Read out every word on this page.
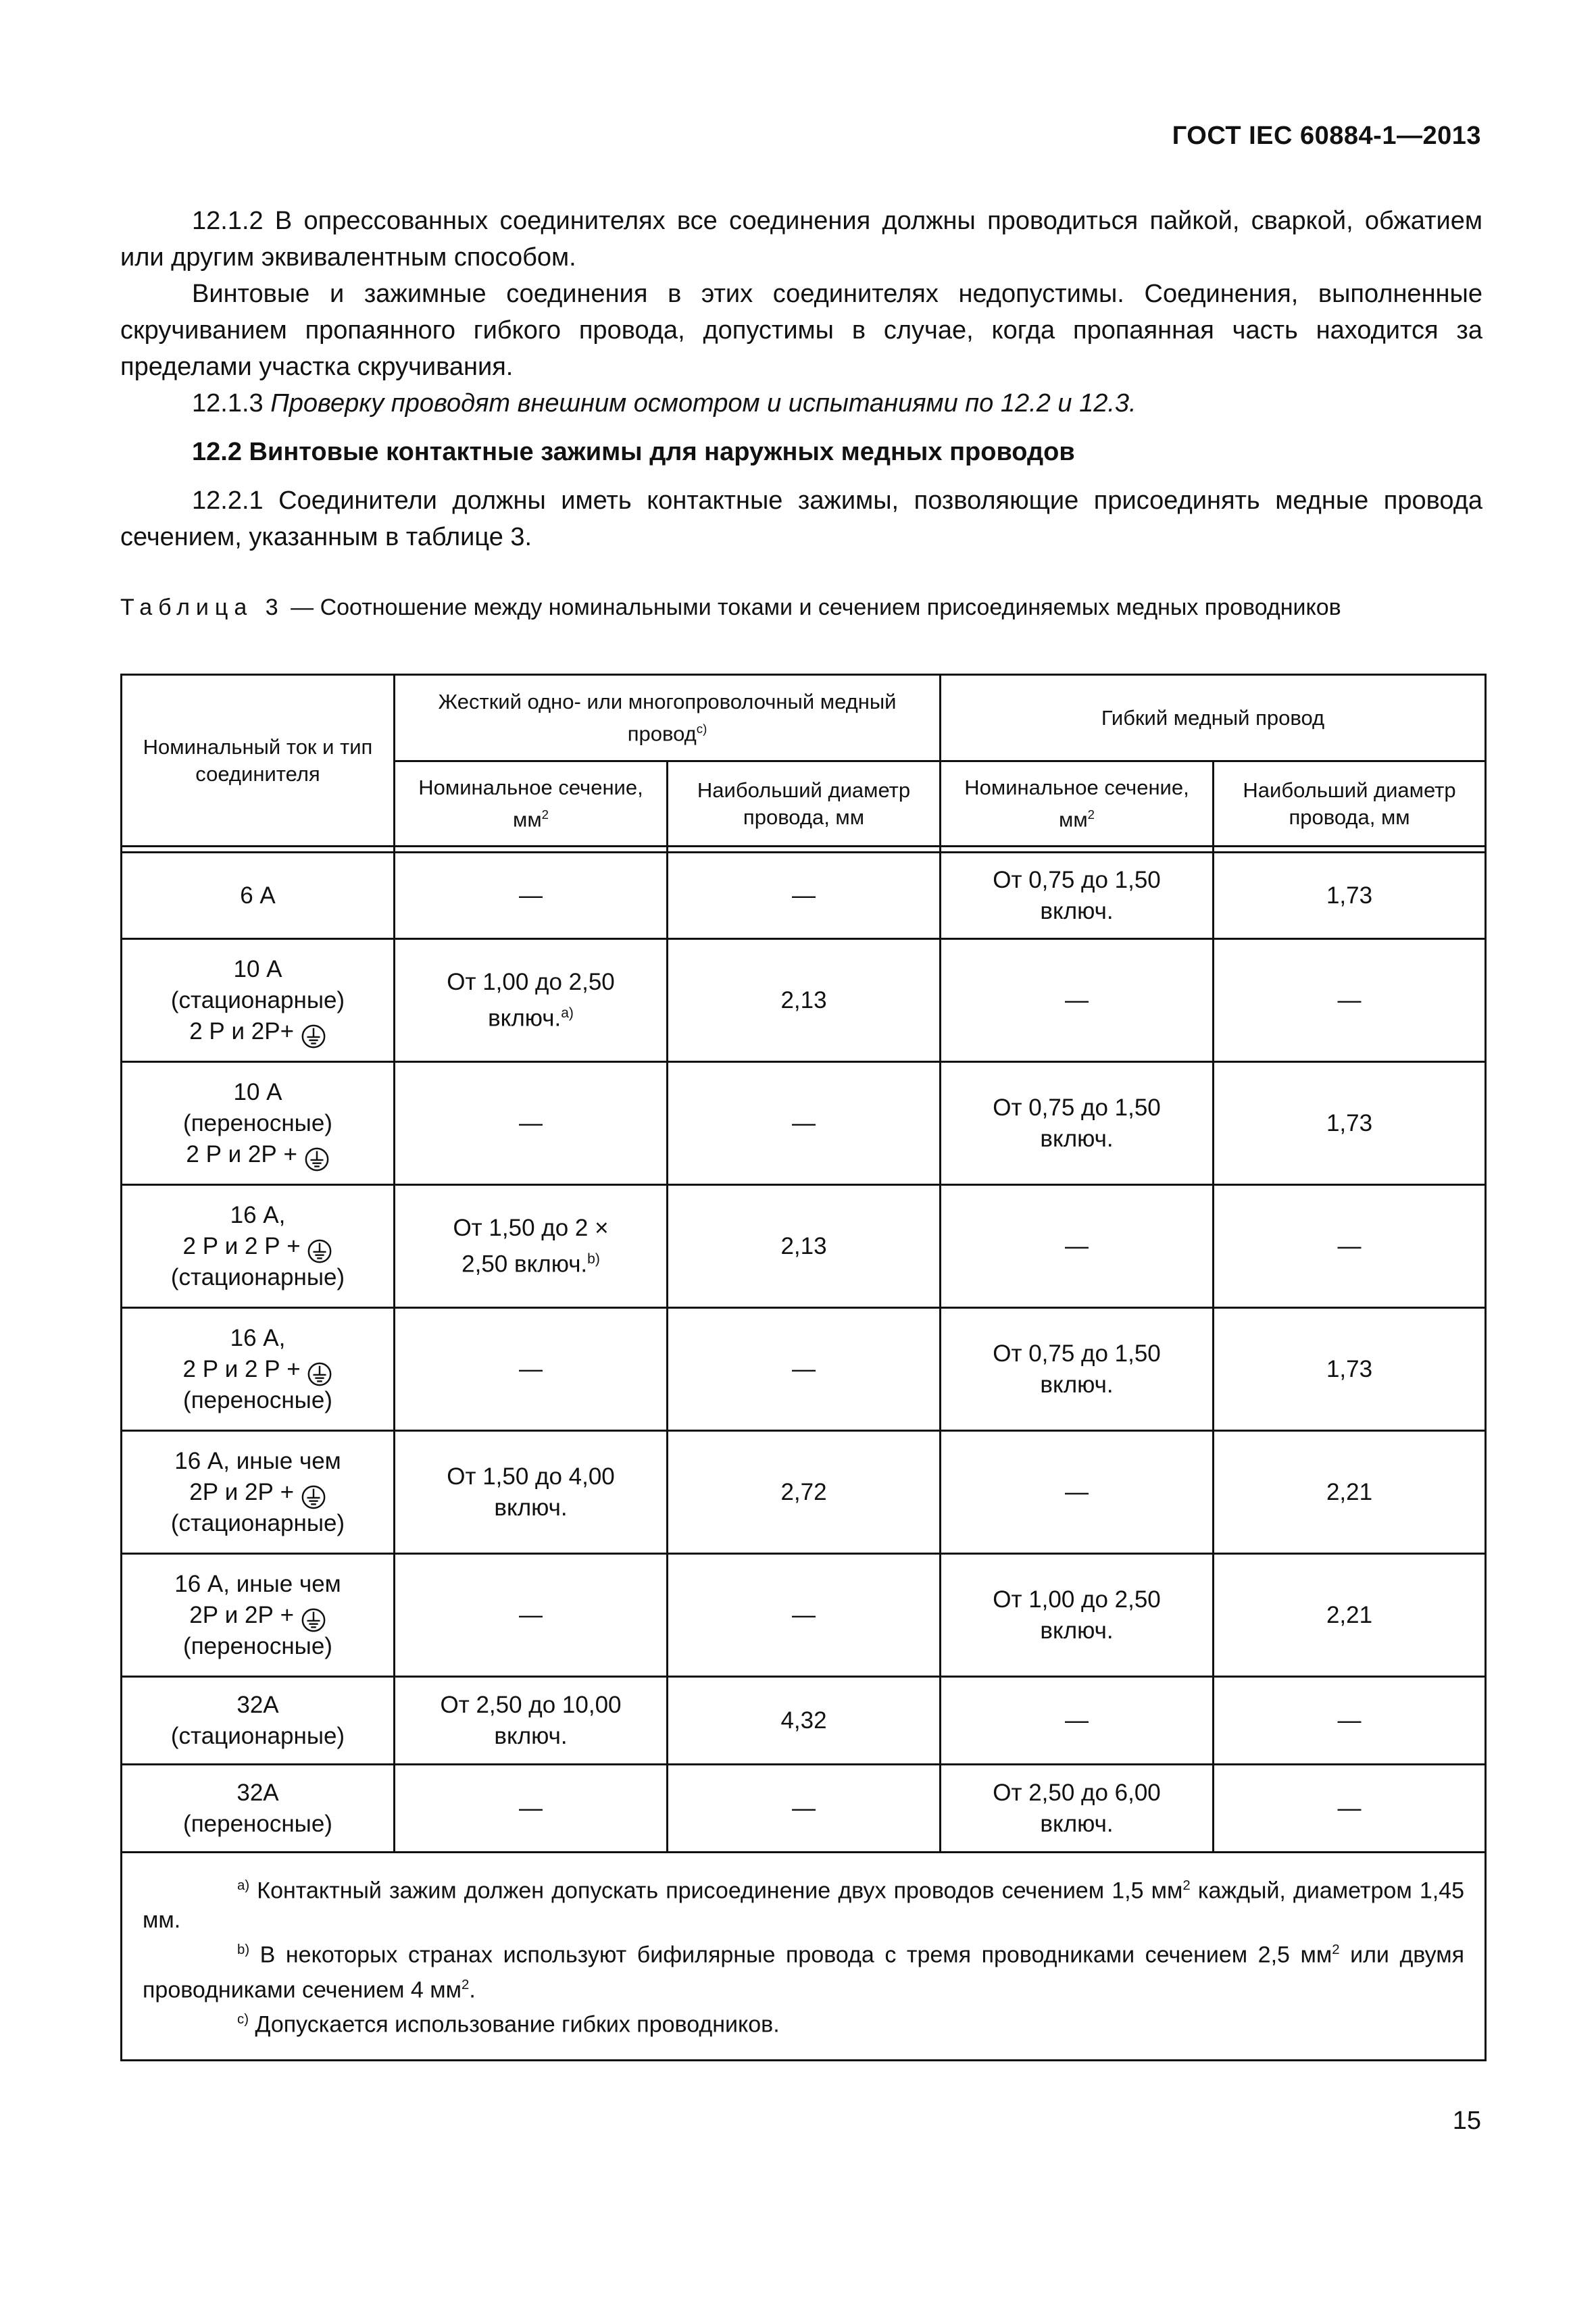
ГОСТ IEC 60884-1—2013

12.1.2 В опрессованных соединителях все соединения должны проводиться пайкой, сваркой, обжатием или другим эквивалентным способом.

Винтовые и зажимные соединения в этих соединителях недопустимы. Соединения, выполненные скручиванием пропаянного гибкого провода, допустимы в случае, когда пропаянная часть находится за пределами участка скручивания.

12.1.3 Проверку проводят внешним осмотром и испытаниями по 12.2 и 12.3.

12.2 Винтовые контактные зажимы для наружных медных проводов

12.2.1 Соединители должны иметь контактные зажимы, позволяющие присоединять медные провода сечением, указанным в таблице 3.

Таблица 3 — Соотношение между номинальными токами и сечением присоединяемых медных проводников
Номинальный ток и тип соединителя	Жесткий одно- или многопроволочный медный провод$^{c)}$		Гибкий медный провод	
	Номинальное сечение, $мм^2$	Наибольший диаметр провода, мм	Номинальное сечение, $мм^2$	Наибольший диаметр провода, мм

6 А	—	—	От 0,75 до 1,50 включ.	1,73

10 А
(стационарные)
2 Р и 2Р+	От 1,00 до 2,50 включ.$^{a)}$	2,13	—	—

10 А
(переносные)
2 Р и 2Р +	—	—	От 0,75 до 1,50 включ.	1,73

16 А,
2 Р и 2 Р +
(стационарные)	От 1,50 до 2 × 2,50 включ.$^{b)}$	2,13	—	—

16 А,
2 Р и 2 Р +
(переносные)	—	—	От 0,75 до 1,50 включ.	1,73

16 А, иные чем
2Р и 2Р +
(стационарные)	От 1,50 до 4,00 включ.	2,72	—	2,21

16 А, иные чем
2Р и 2Р +
(переносные)	—	—	От 1,00 до 2,50 включ.	2,21

32А
(стационарные)	От 2,50 до 10,00 включ.	4,32	—	—

32А
(переносные)	—	—	От 2,50 до 6,00 включ.	—

$^{a)}$ Контактный зажим должен допускать присоединение двух проводов сечением 1,5 $мм^2$ каждый, диаметром 1,45 мм.

$^{b)}$ В некоторых странах используют бифилярные провода с тремя проводниками сечением 2,5 $мм^2$ или двумя проводниками сечением 4 $мм^2$.

$^{c)}$ Допускается использование гибких проводников.				

15
